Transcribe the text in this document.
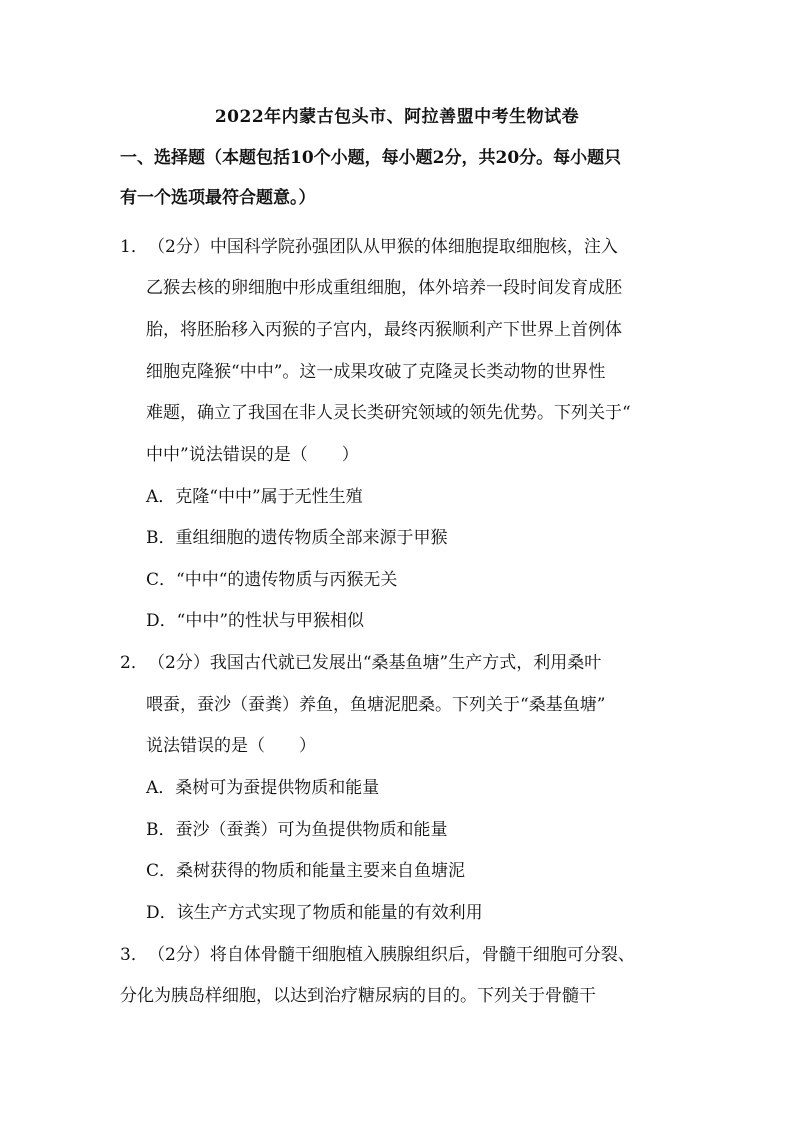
2022年内蒙古包头市、阿拉善盟中考生物试卷
一、选择题（本题包括10个小题，每小题2分，共20分。每小题只
有一个选项最符合题意。）
1． （2分）中国科学院孙强团队从甲猴的体细胞提取细胞核，注入
乙猴去核的卵细胞中形成重组细胞，体外培养一段时间发育成胚
胎，将胚胎移入丙猴的子宫内，最终丙猴顺利产下世界上首例体
细胞克隆猴“中中”。这一成果攻破了克隆灵长类动物的世界性
难题，确立了我国在非人灵长类研究领域的领先优势。下列关于“
中中”说法错误的是（　　）
A．克隆“中中”属于无性生殖
B．重组细胞的遗传物质全部来源于甲猴
C．“中中“的遗传物质与丙猴无关
D．“中中”的性状与甲猴相似
2． （2分）我国古代就已发展出“桑基鱼塘”生产方式，利用桑叶
喂蚕，蚕沙（蚕粪）养鱼，鱼塘泥肥桑。下列关于“桑基鱼塘”
说法错误的是（　　）
A．桑树可为蚕提供物质和能量
B．蚕沙（蚕粪）可为鱼提供物质和能量
C．桑树获得的物质和能量主要来自鱼塘泥
D．该生产方式实现了物质和能量的有效利用
3． （2分）将自体骨髓干细胞植入胰腺组织后，骨髓干细胞可分裂、
分化为胰岛样细胞，以达到治疗糖尿病的目的。下列关于骨髓干
